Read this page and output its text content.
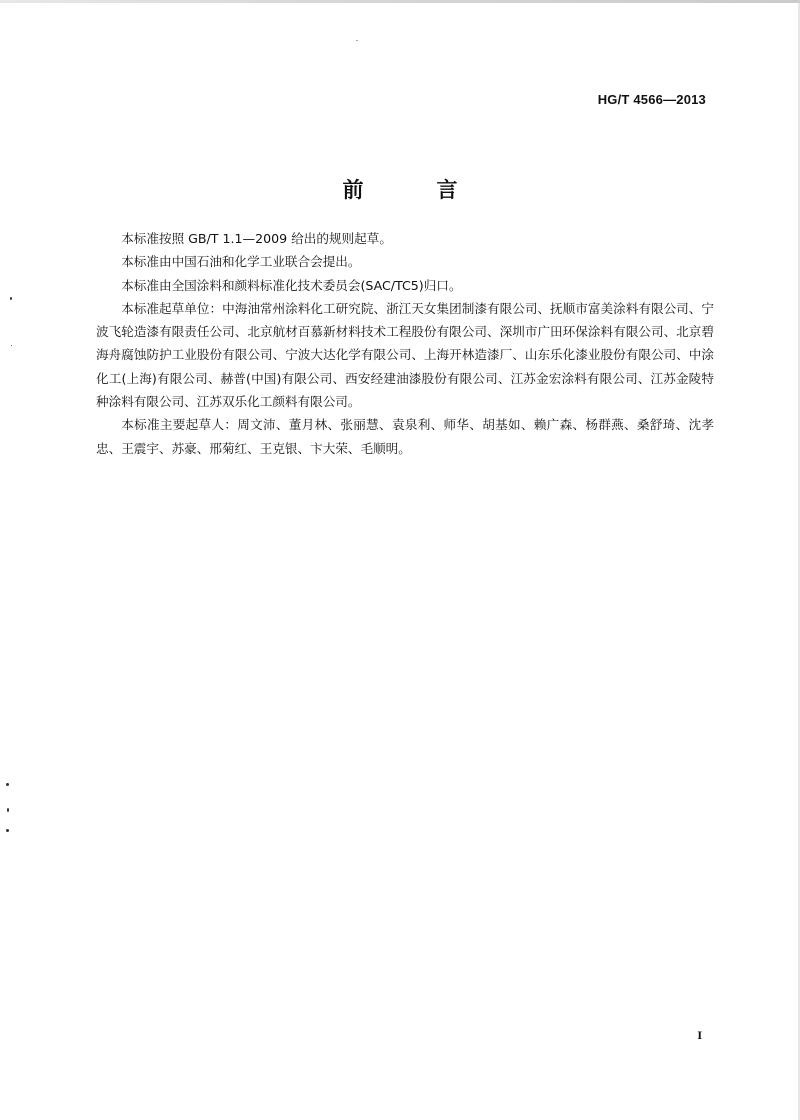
HG/T 4566—2013
前　言

本标准按照 GB/T 1.1—2009 给出的规则起草。

本标准由中国石油和化学工业联合会提出。

本标准由全国涂料和颜料标准化技术委员会(SAC/TC5)归口。

本标准起草单位：中海油常州涂料化工研究院、浙江天女集团制漆有限公司、抚顺市富美涂料有限公司、宁波飞轮造漆有限责任公司、北京航材百慕新材料技术工程股份有限公司、深圳市广田环保涂料有限公司、北京碧海舟腐蚀防护工业股份有限公司、宁波大达化学有限公司、上海开林造漆厂、山东乐化漆业股份有限公司、中涂化工(上海)有限公司、赫普(中国)有限公司、西安经建油漆股份有限公司、江苏金宏涂料有限公司、江苏金陵特种涂料有限公司、江苏双乐化工颜料有限公司。

本标准主要起草人：周文沛、董月林、张丽慧、袁泉利、师华、胡基如、赖广森、杨群燕、桑舒琦、沈孝忠、王震宇、苏豪、邢菊红、王克银、卞大荣、毛顺明。

I
